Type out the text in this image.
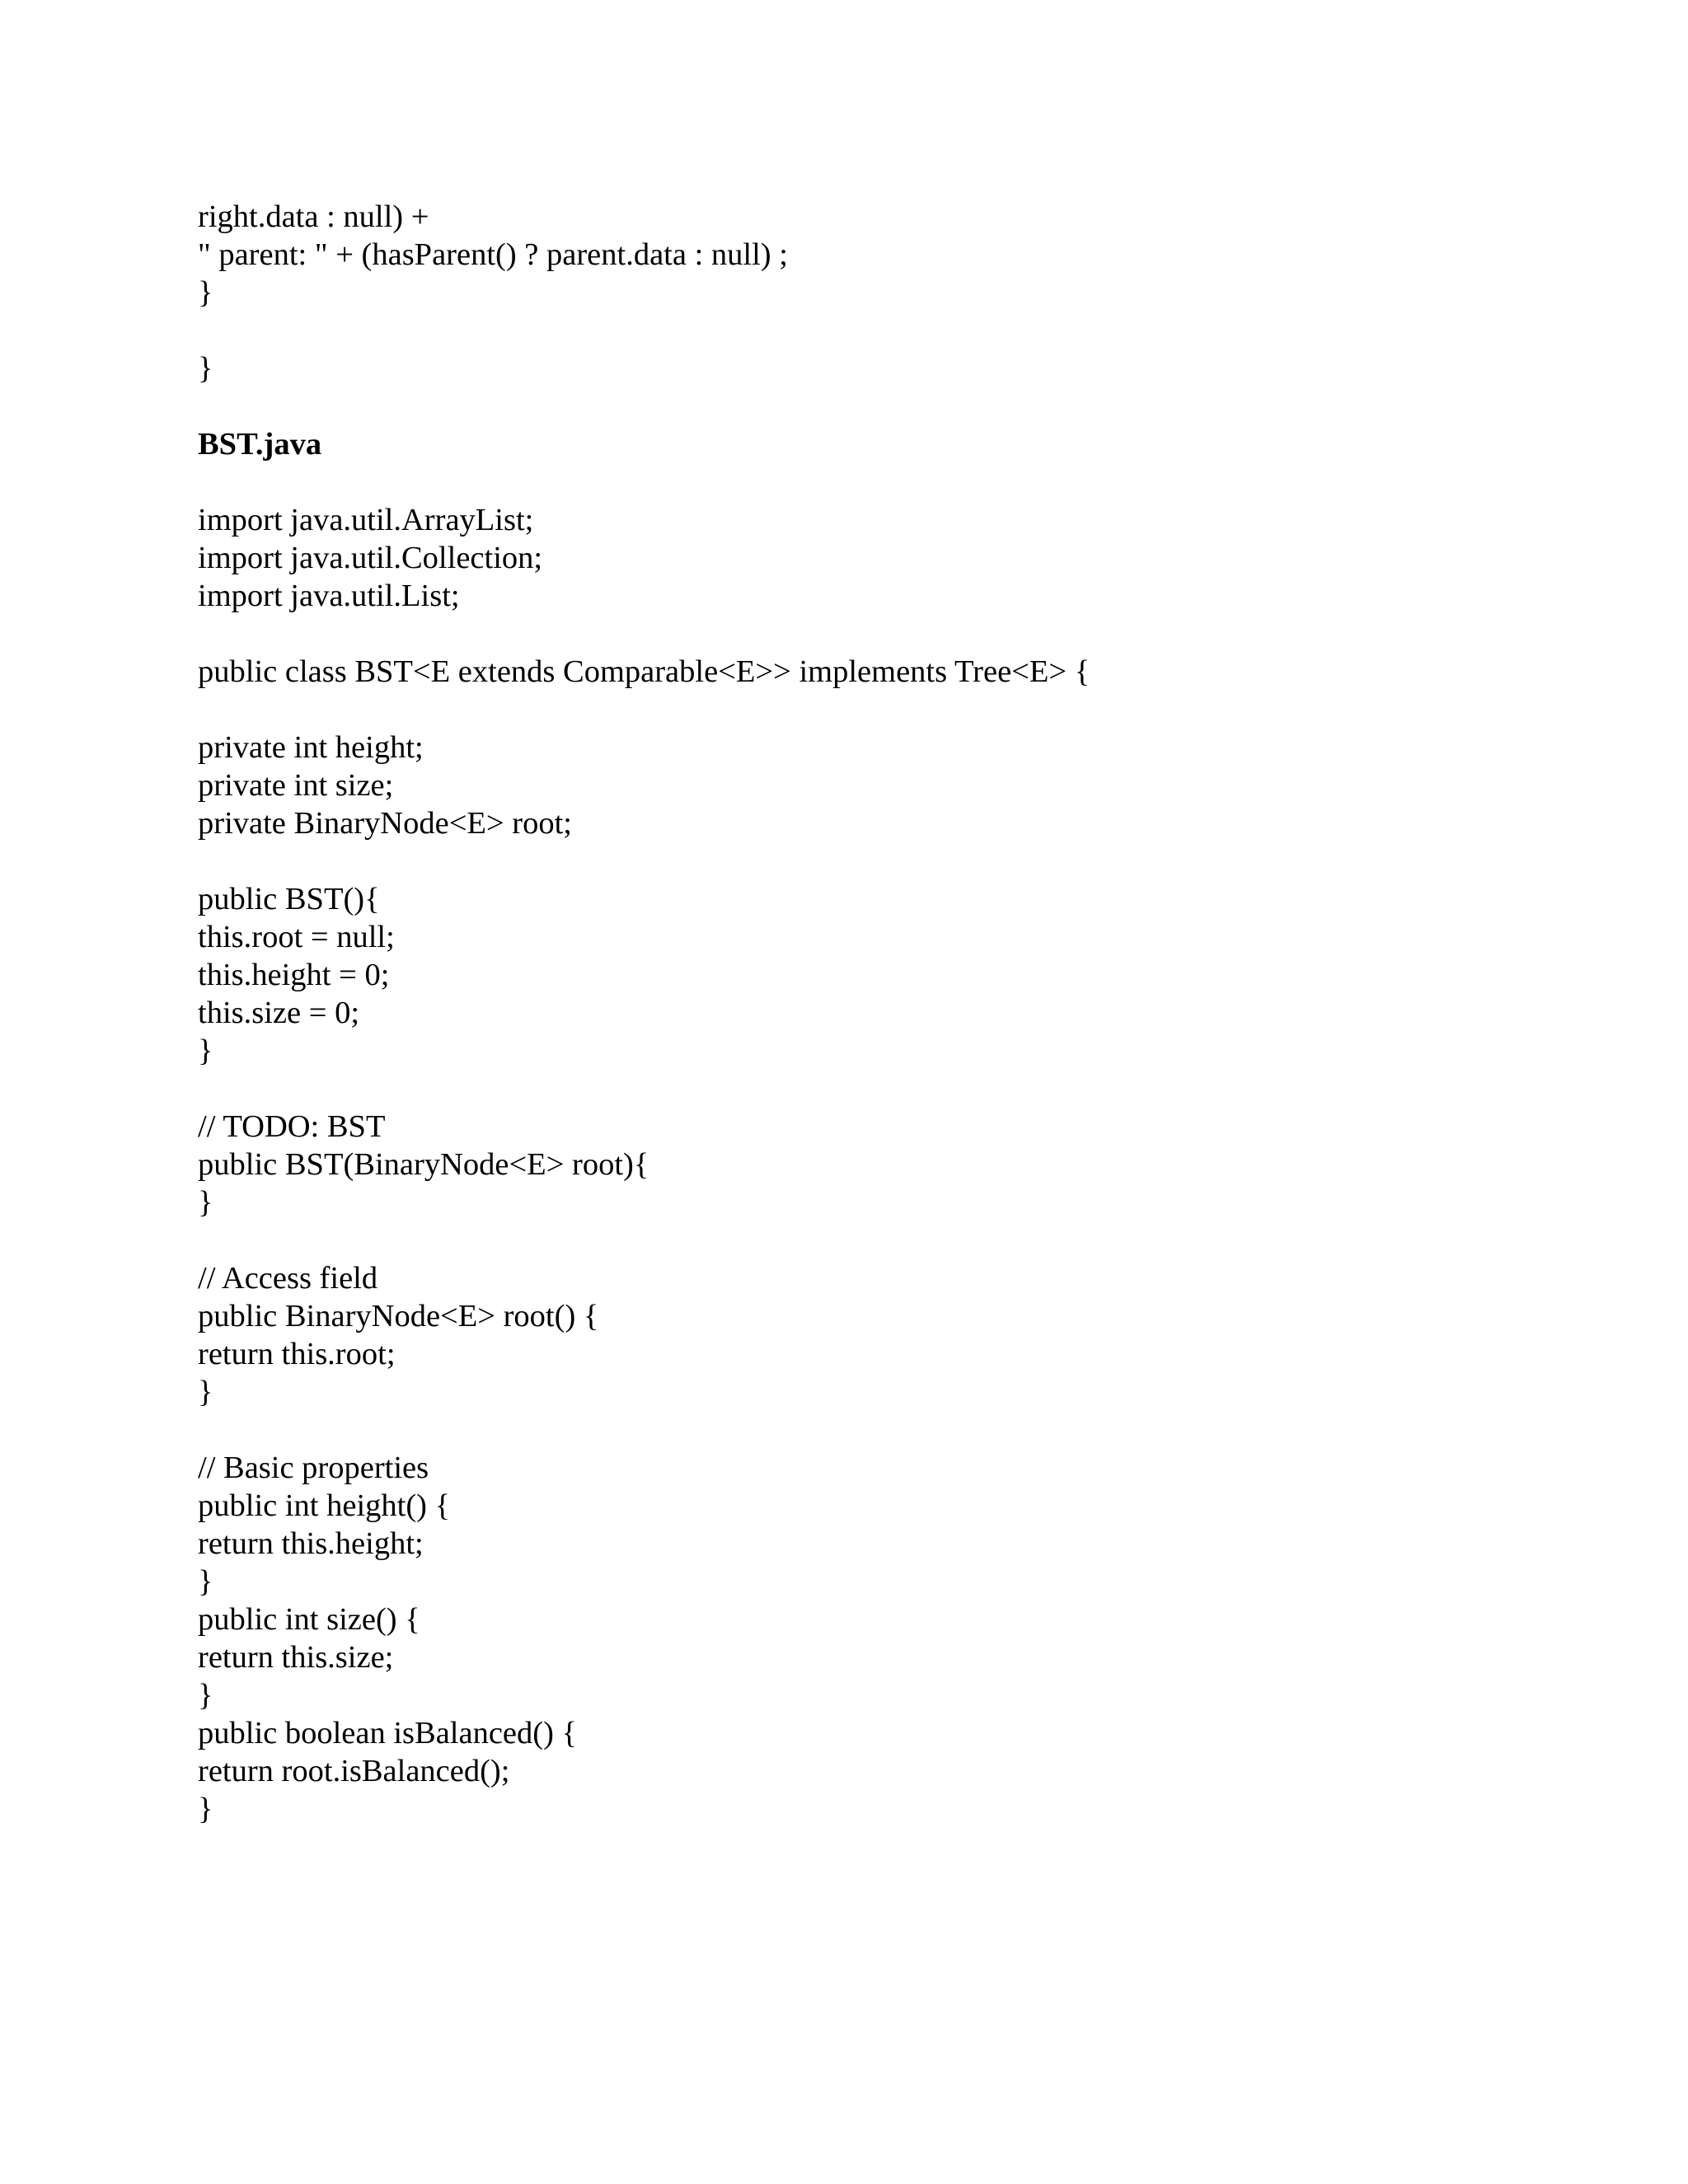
right.data : null) +
" parent: " + (hasParent() ? parent.data : null) ;
}
}
BST.java
import java.util.ArrayList;
import java.util.Collection;
import java.util.List;
public class BST<E extends Comparable<E>> implements Tree<E> {
private int height;
private int size;
private BinaryNode<E> root;
public BST(){
this.root = null;
this.height = 0;
this.size = 0;
}
// TODO: BST
public BST(BinaryNode<E> root){
}
// Access field
public BinaryNode<E> root() {
return this.root;
}
// Basic properties
public int height() {
return this.height;
}
public int size() {
return this.size;
}
public boolean isBalanced() {
return root.isBalanced();
}
